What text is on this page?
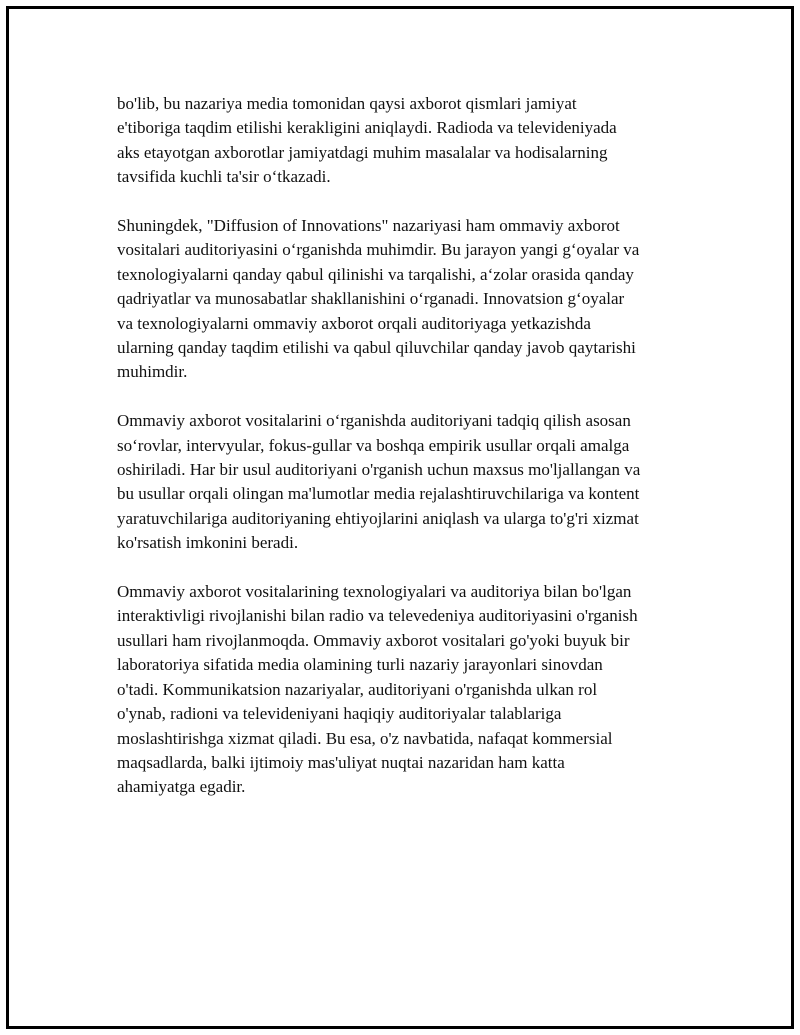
bo'lib, bu nazariya media tomonidan qaysi axborot qismlari jamiyat
e'tiboriga taqdim etilishi kerakligini aniqlaydi. Radioda va televideniyada
aks etayotgan axborotlar jamiyatdagi muhim masalalar va hodisalarning
tavsifida kuchli ta'sir o‘tkazadi.

Shuningdek, "Diffusion of Innovations" nazariyasi ham ommaviy axborot
vositalari auditoriyasini o‘rganishda muhimdir. Bu jarayon yangi g‘oyalar va
texnologiyalarni qanday qabul qilinishi va tarqalishi, a‘zolar orasida qanday
qadriyatlar va munosabatlar shakllanishini o‘rganadi. Innovatsion g‘oyalar
va texnologiyalarni ommaviy axborot orqali auditoriyaga yetkazishda
ularning qanday taqdim etilishi va qabul qiluvchilar qanday javob qaytarishi
muhimdir.

Ommaviy axborot vositalarini o‘rganishda auditoriyani tadqiq qilish asosan
so‘rovlar, intervyular, fokus-gullar va boshqa empirik usullar orqali amalga
oshiriladi. Har bir usul auditoriyani o'rganish uchun maxsus mo'ljallangan va
bu usullar orqali olingan ma'lumotlar media rejalashtiruvchilariga va kontent
yaratuvchilariga auditoriyaning ehtiyojlarini aniqlash va ularga to'g'ri xizmat
ko'rsatish imkonini beradi.

Ommaviy axborot vositalarining texnologiyalari va auditoriya bilan bo'lgan
interaktivligi rivojlanishi bilan radio va televedeniya auditoriyasini o'rganish
usullari ham rivojlanmoqda. Ommaviy axborot vositalari go'yoki buyuk bir
laboratoriya sifatida media olamining turli nazariy jarayonlari sinovdan
o'tadi. Kommunikatsion nazariyalar, auditoriyani o'rganishda ulkan rol
o'ynab, radioni va televideniyani haqiqiy auditoriyalar talablariga
moslashtirishga xizmat qiladi. Bu esa, o'z navbatida, nafaqat kommersial
maqsadlarda, balki ijtimoiy mas'uliyat nuqtai nazaridan ham katta
ahamiyatga egadir.
